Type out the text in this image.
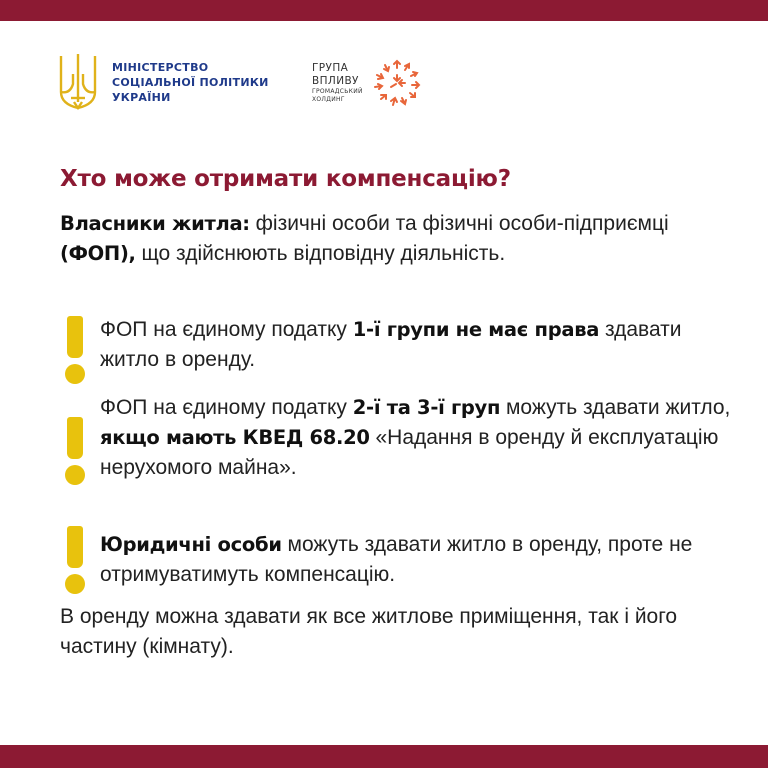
МІНІСТЕРСТВО
СОЦІАЛЬНОЇ ПОЛІТИКИ
УКРАЇНИ
ГРУПА
ВПЛИВУ
ГРОМАДСЬКИЙ
ХОЛДИНГ
Хто може отримати компенсацію?
Власники житла: фізичні особи та фізичні особи-підприємці (ФОП), що здійснюють відповідну діяльність.
ФОП на єдиному податку 1-ї групи не має права здавати житло в оренду.
ФОП на єдиному податку 2-ї та 3-ї груп можуть здавати житло, якщо мають КВЕД 68.20 «Надання в оренду й експлуатацію нерухомого майна».
Юридичні особи можуть здавати житло в оренду, проте не отримуватимуть компенсацію.
В оренду можна здавати як все житлове приміщення, так і його частину (кімнату).
